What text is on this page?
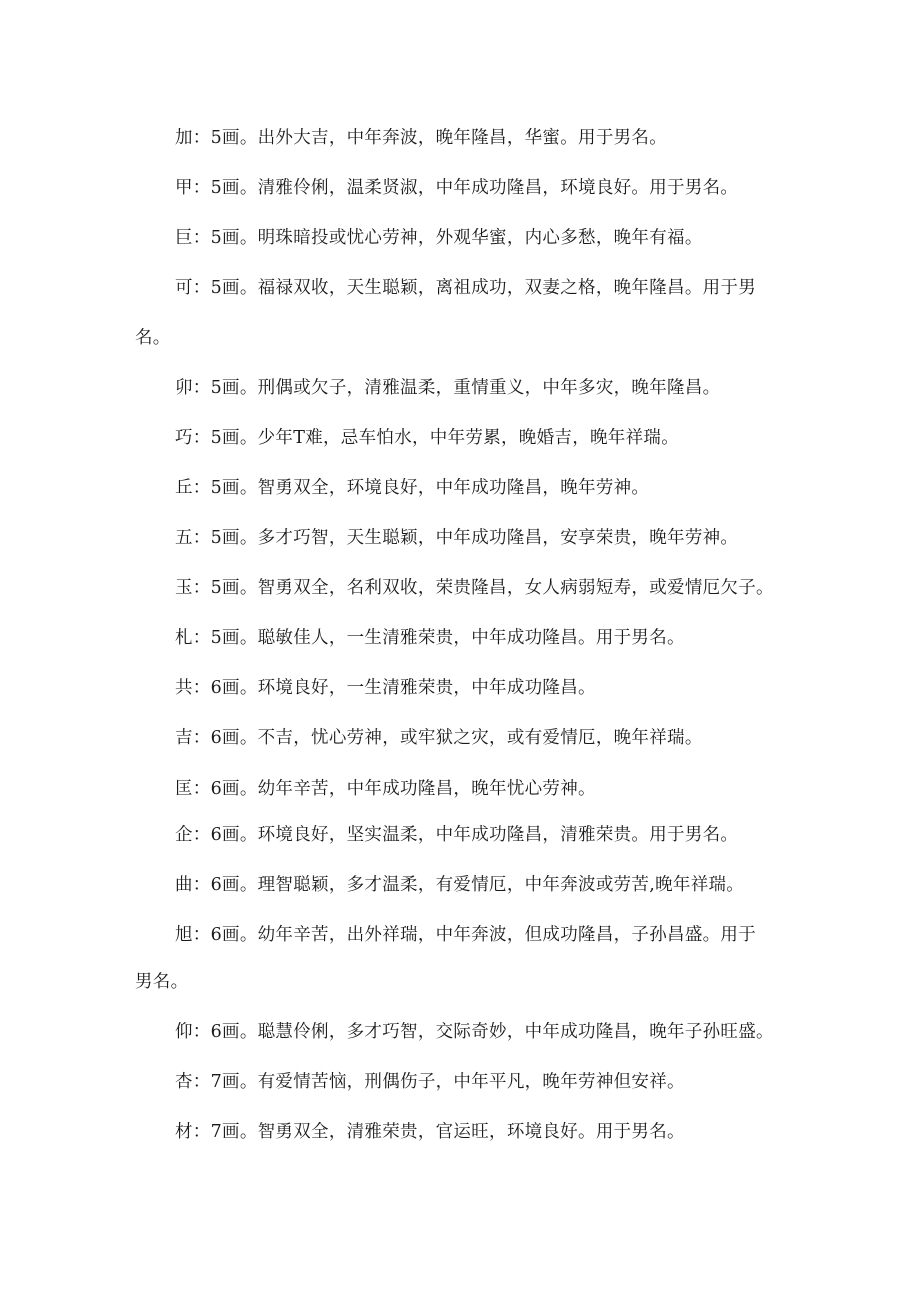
加：5画。出外大吉，中年奔波，晚年隆昌，华蜜。用于男名。
甲：5画。清雅伶俐，温柔贤淑，中年成功隆昌，环境良好。用于男名。
巨：5画。明珠暗投或忧心劳神，外观华蜜，内心多愁，晚年有福。
可：5画。福禄双收，天生聪颖，离祖成功，双妻之格，晚年隆昌。用于男
名。
卯：5画。刑偶或欠子，清雅温柔，重情重义，中年多灾，晚年隆昌。
巧：5画。少年T难，忌车怕水，中年劳累，晚婚吉，晚年祥瑞。
丘：5画。智勇双全，环境良好，中年成功隆昌，晚年劳神。
五：5画。多才巧智，天生聪颖，中年成功隆昌，安享荣贵，晚年劳神。
玉：5画。智勇双全，名利双收，荣贵隆昌，女人病弱短寿，或爱情厄欠子。
札：5画。聪敏佳人，一生清雅荣贵，中年成功隆昌。用于男名。
共：6画。环境良好，一生清雅荣贵，中年成功隆昌。
吉：6画。不吉，忧心劳神，或牢狱之灾，或有爱情厄，晚年祥瑞。
匡：6画。幼年辛苦，中年成功隆昌，晚年忧心劳神。
企：6画。环境良好，坚实温柔，中年成功隆昌，清雅荣贵。用于男名。
曲：6画。理智聪颖，多才温柔，有爱情厄，中年奔波或劳苦,晚年祥瑞。
旭：6画。幼年辛苦，出外祥瑞，中年奔波，但成功隆昌，子孙昌盛。用于
男名。
仰：6画。聪慧伶俐，多才巧智，交际奇妙，中年成功隆昌，晚年子孙旺盛。
杏：7画。有爱情苦恼，刑偶伤子，中年平凡，晚年劳神但安祥。
材：7画。智勇双全，清雅荣贵，官运旺，环境良好。用于男名。
